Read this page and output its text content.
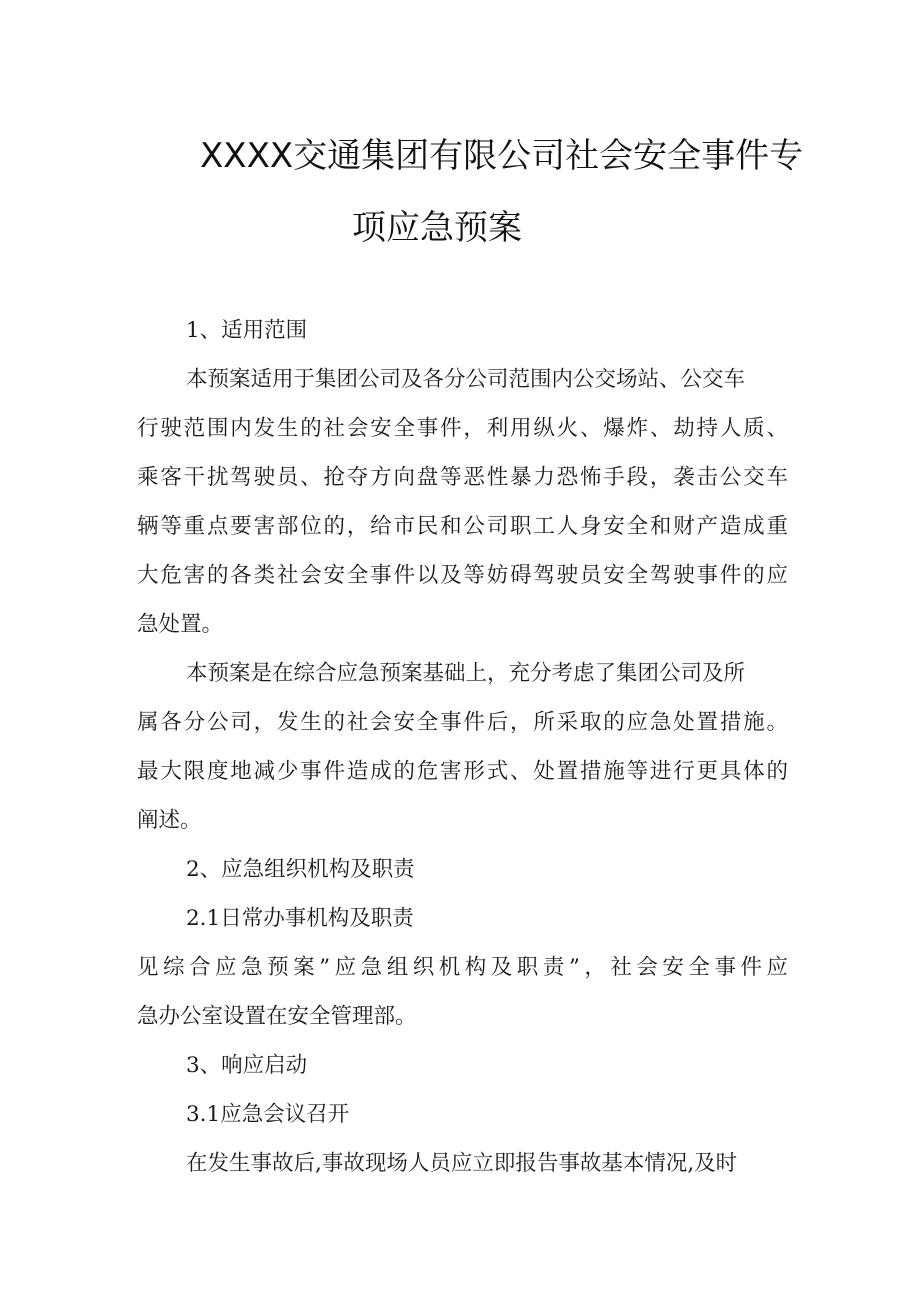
XXXX交通集团有限公司社会安全事件专
项应急预案
1、适用范围
本预案适用于集团公司及各分公司范围内公交场站、公交车
行驶范围内发生的社会安全事件，利用纵火、爆炸、劫持人质、
乘客干扰驾驶员、抢夺方向盘等恶性暴力恐怖手段，袭击公交车
辆等重点要害部位的，给市民和公司职工人身安全和财产造成重
大危害的各类社会安全事件以及等妨碍驾驶员安全驾驶事件的应
急处置。
本预案是在综合应急预案基础上，充分考虑了集团公司及所
属各分公司，发生的社会安全事件后，所采取的应急处置措施。
最大限度地减少事件造成的危害形式、处置措施等进行更具体的
阐述。
2、应急组织机构及职责
2.1日常办事机构及职责
见综合应急预案”应急组织机构及职责”，社会安全事件应
急办公室设置在安全管理部。
3、响应启动
3.1应急会议召开
在发生事故后,事故现场人员应立即报告事故基本情况,及时
